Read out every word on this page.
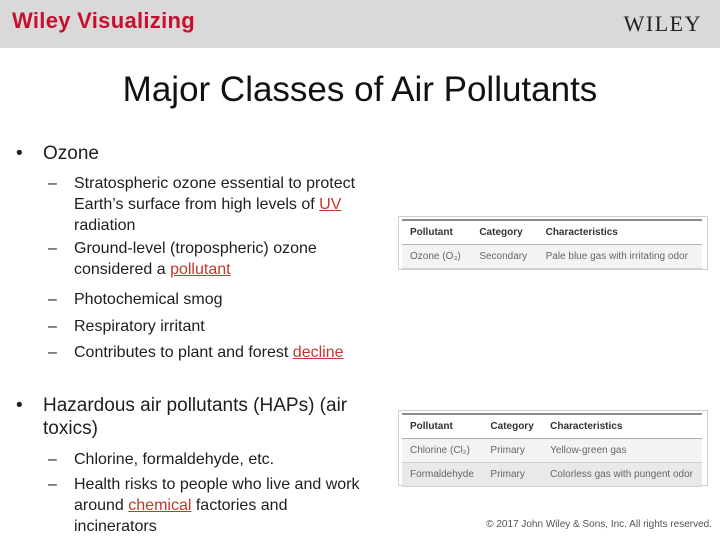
Wiley Visualizing	WILEY
Major Classes of Air Pollutants
• Ozone
– Stratospheric ozone essential to protect Earth’s surface from high levels of UV radiation
– Ground-level (tropospheric) ozone considered a pollutant
– Photochemical smog
– Respiratory irritant
– Contributes to plant and forest decline
• Hazardous air pollutants (HAPs) (air toxics)
– Chlorine, formaldehyde, etc.
– Health risks to people who live and work around chemical factories and incinerators
Pollutant	Category	Characteristics
Ozone (O₃)	Secondary	Pale blue gas with irritating odor
Pollutant	Category	Characteristics
Chlorine (Cl₂)	Primary	Yellow-green gas
Formaldehyde	Primary	Colorless gas with pungent odor
© 2017 John Wiley & Sons, Inc. All rights reserved.
